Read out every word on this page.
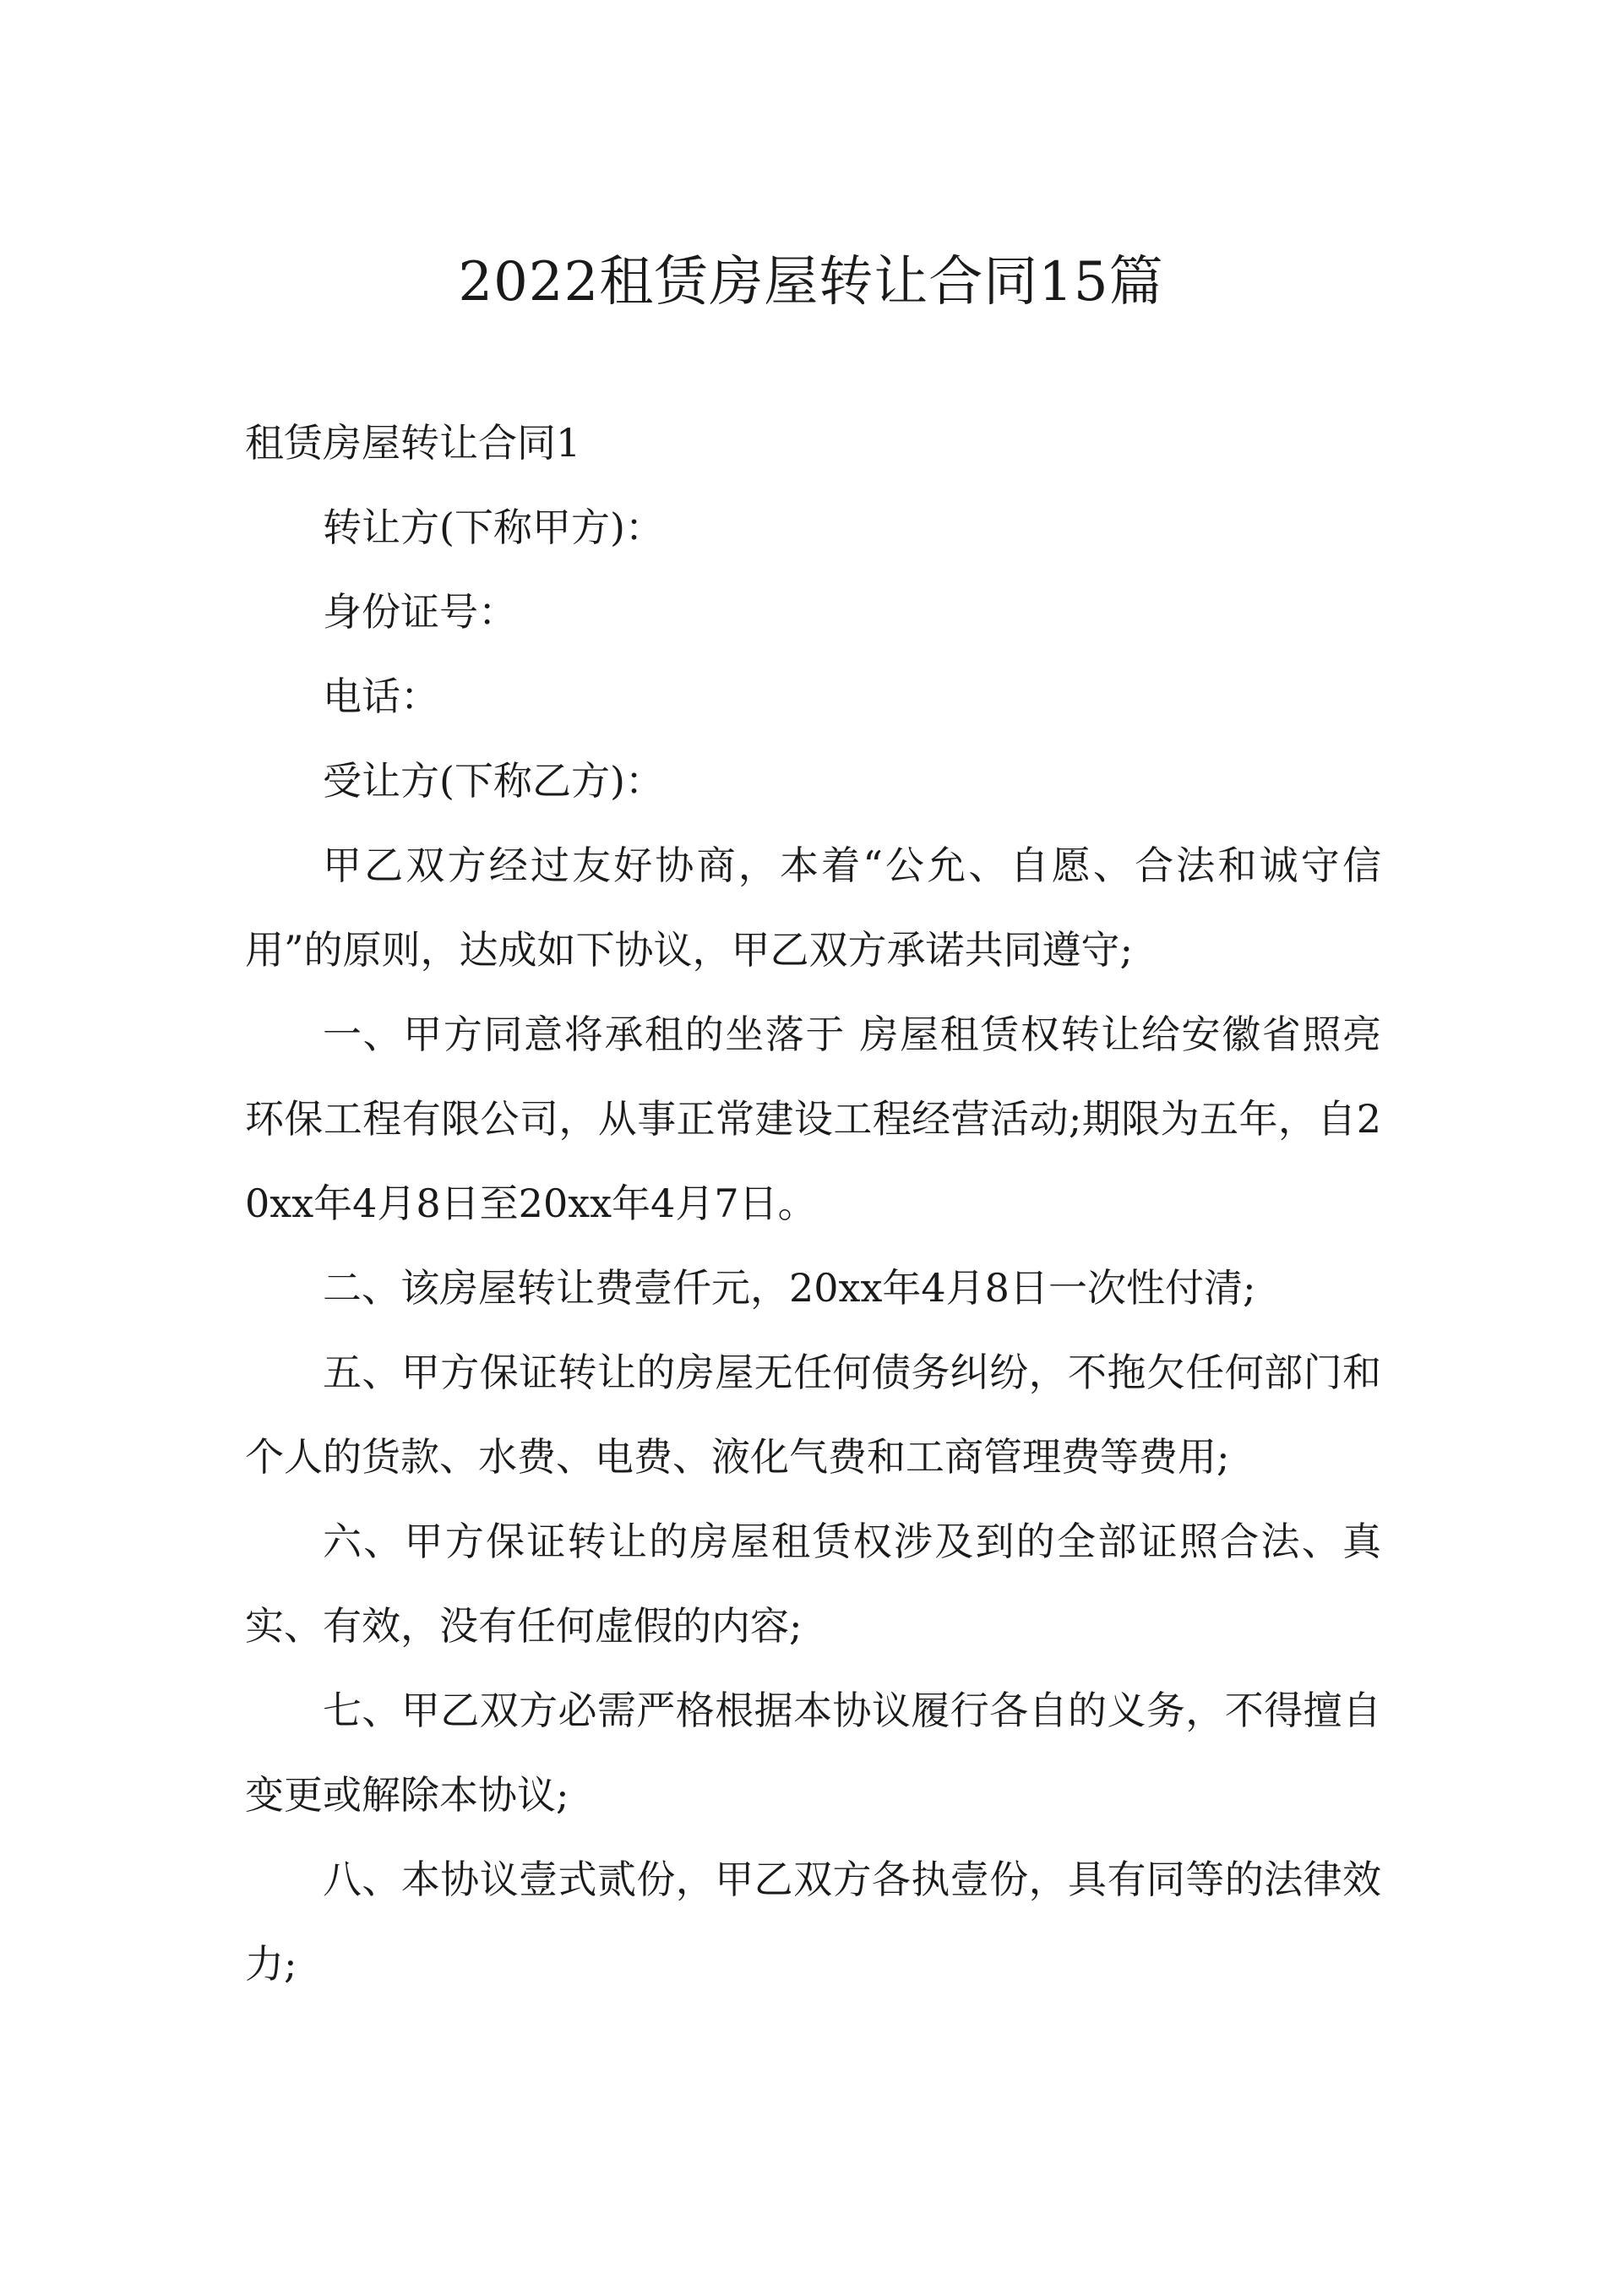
2022租赁房屋转让合同15篇

租赁房屋转让合同1

转让方(下称甲方)：

身份证号：

电话：

受让方(下称乙方)：

甲乙双方经过友好协商，本着“公允、自愿、合法和诚守信用”的原则，达成如下协议，甲乙双方承诺共同遵守;

一、甲方同意将承租的坐落于 房屋租赁权转让给安徽省照亮环保工程有限公司，从事正常建设工程经营活动;期限为五年，自20xx年4月8日至20xx年4月7日。

二、该房屋转让费壹仟元，20xx年4月8日一次性付清;

五、甲方保证转让的房屋无任何债务纠纷，不拖欠任何部门和个人的货款、水费、电费、液化气费和工商管理费等费用;

六、甲方保证转让的房屋租赁权涉及到的全部证照合法、真实、有效，没有任何虚假的内容;

七、甲乙双方必需严格根据本协议履行各自的义务，不得擅自变更或解除本协议;

八、本协议壹式贰份，甲乙双方各执壹份，具有同等的法律效力;
